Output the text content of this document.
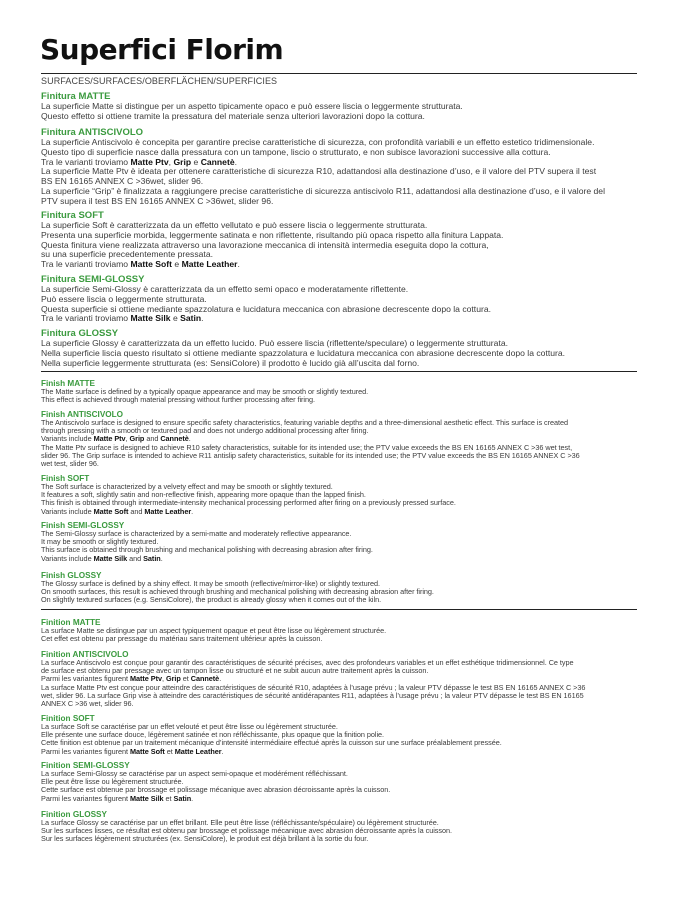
Superfici Florim
SURFACES/SURFACES/OBERFLÄCHEN/SUPERFICIES
Finitura MATTE
La superficie Matte si distingue per un aspetto tipicamente opaco e può essere liscia o leggermente strutturata.
Questo effetto si ottiene tramite la pressatura del materiale senza ulteriori lavorazioni dopo la cottura.
Finitura ANTISCIVOLO
La superficie Antiscivolo è concepita per garantire precise caratteristiche di sicurezza, con profondità variabili e un effetto estetico tridimensionale.
Questo tipo di superficie nasce dalla pressatura con un tampone, liscio o strutturato, e non subisce lavorazioni successive alla cottura.
Tra le varianti troviamo Matte Ptv, Grip e Cannetè.
La superficie Matte Ptv è ideata per ottenere caratteristiche di sicurezza R10, adattandosi alla destinazione d’uso, e il valore del PTV supera il test
BS EN 16165 ANNEX C >36wet, slider 96.
La superficie “Grip” è finalizzata a raggiungere precise caratteristiche di sicurezza antiscivolo R11, adattandosi alla destinazione d’uso, e il valore del
PTV supera il test BS EN 16165 ANNEX C >36wet, slider 96.
Finitura SOFT
La superficie Soft è caratterizzata da un effetto vellutato e può essere liscia o leggermente strutturata.
Presenta una superficie morbida, leggermente satinata e non riflettente, risultando più opaca rispetto alla finitura Lappata.
Questa finitura viene realizzata attraverso una lavorazione meccanica di intensità intermedia eseguita dopo la cottura,
su una superficie precedentemente pressata.
Tra le varianti troviamo Matte Soft e Matte Leather.
Finitura SEMI-GLOSSY
La superficie Semi-Glossy è caratterizzata da un effetto semi opaco e moderatamente riflettente.
Può essere liscia o leggermente strutturata.
Questa superficie si ottiene mediante spazzolatura e lucidatura meccanica con abrasione decrescente dopo la cottura.
Tra le varianti troviamo Matte Silk e Satin.
Finitura GLOSSY
La superficie Glossy è caratterizzata da un effetto lucido. Può essere liscia (riflettente/speculare) o leggermente strutturata.
Nella superficie liscia questo risultato si ottiene mediante spazzolatura e lucidatura meccanica con abrasione decrescente dopo la cottura.
Nella superficie leggermente strutturata (es: SensiColore) il prodotto è lucido già all’uscita dal forno.
Finish MATTE
The Matte surface is defined by a typically opaque appearance and may be smooth or slightly textured.
This effect is achieved through material pressing without further processing after firing.
Finish ANTISCIVOLO
The Antiscivolo surface is designed to ensure specific safety characteristics, featuring variable depths and a three-dimensional aesthetic effect. This surface is created
through pressing with a smooth or textured pad and does not undergo additional processing after firing.
Variants include Matte Ptv, Grip and Cannetè.
The Matte Ptv surface is designed to achieve R10 safety characteristics, suitable for its intended use; the PTV value exceeds the BS EN 16165 ANNEX C >36 wet test,
slider 96. The Grip surface is intended to achieve R11 antislip safety characteristics, suitable for its intended use; the PTV value exceeds the BS EN 16165 ANNEX C >36
wet test, slider 96.
Finish SOFT
The Soft surface is characterized by a velvety effect and may be smooth or slightly textured.
It features a soft, slightly satin and non-reflective finish, appearing more opaque than the lapped finish.
This finish is obtained through intermediate-intensity mechanical processing performed after firing on a previously pressed surface.
Variants include Matte Soft and Matte Leather.
Finish SEMI-GLOSSY
The Semi-Glossy surface is characterized by a semi-matte and moderately reflective appearance.
It may be smooth or slightly textured.
This surface is obtained through brushing and mechanical polishing with decreasing abrasion after firing.
Variants include Matte Silk and Satin.
Finish GLOSSY
The Glossy surface is defined by a shiny effect. It may be smooth (reflective/mirror-like) or slightly textured.
On smooth surfaces, this result is achieved through brushing and mechanical polishing with decreasing abrasion after firing.
On slightly textured surfaces (e.g. SensiColore), the product is already glossy when it comes out of the kiln.
Finition MATTE
La surface Matte se distingue par un aspect typiquement opaque et peut être lisse ou légèrement structurée.
Cet effet est obtenu par pressage du matériau sans traitement ultérieur après la cuisson.
Finition ANTISCIVOLO
La surface Antiscivolo est conçue pour garantir des caractéristiques de sécurité précises, avec des profondeurs variables et un effet esthétique tridimensionnel. Ce type
de surface est obtenu par pressage avec un tampon lisse ou structuré et ne subit aucun autre traitement après la cuisson.
Parmi les variantes figurent Matte Ptv, Grip et Cannetè.
La surface Matte Ptv est conçue pour atteindre des caractéristiques de sécurité R10, adaptées à l’usage prévu ; la valeur PTV dépasse le test BS EN 16165 ANNEX C >36
wet, slider 96. La surface Grip vise à atteindre des caractéristiques de sécurité antidérapantes R11, adaptées à l’usage prévu ; la valeur PTV dépasse le test BS EN 16165
ANNEX C >36 wet, slider 96.
Finition SOFT
La surface Soft se caractérise par un effet velouté et peut être lisse ou légèrement structurée.
Elle présente une surface douce, légèrement satinée et non réfléchissante, plus opaque que la finition polie.
Cette finition est obtenue par un traitement mécanique d’intensité intermédiaire effectué après la cuisson sur une surface préalablement pressée.
Parmi les variantes figurent Matte Soft et Matte Leather.
Finition SEMI-GLOSSY
La surface Semi-Glossy se caractérise par un aspect semi-opaque et modérément réfléchissant.
Elle peut être lisse ou légèrement structurée.
Cette surface est obtenue par brossage et polissage mécanique avec abrasion décroissante après la cuisson.
Parmi les variantes figurent Matte Silk et Satin.
Finition GLOSSY
La surface Glossy se caractérise par un effet brillant. Elle peut être lisse (réfléchissante/spéculaire) ou légèrement structurée.
Sur les surfaces lisses, ce résultat est obtenu par brossage et polissage mécanique avec abrasion décroissante après la cuisson.
Sur les surfaces légèrement structurées (ex. SensiColore), le produit est déjà brillant à la sortie du four.
